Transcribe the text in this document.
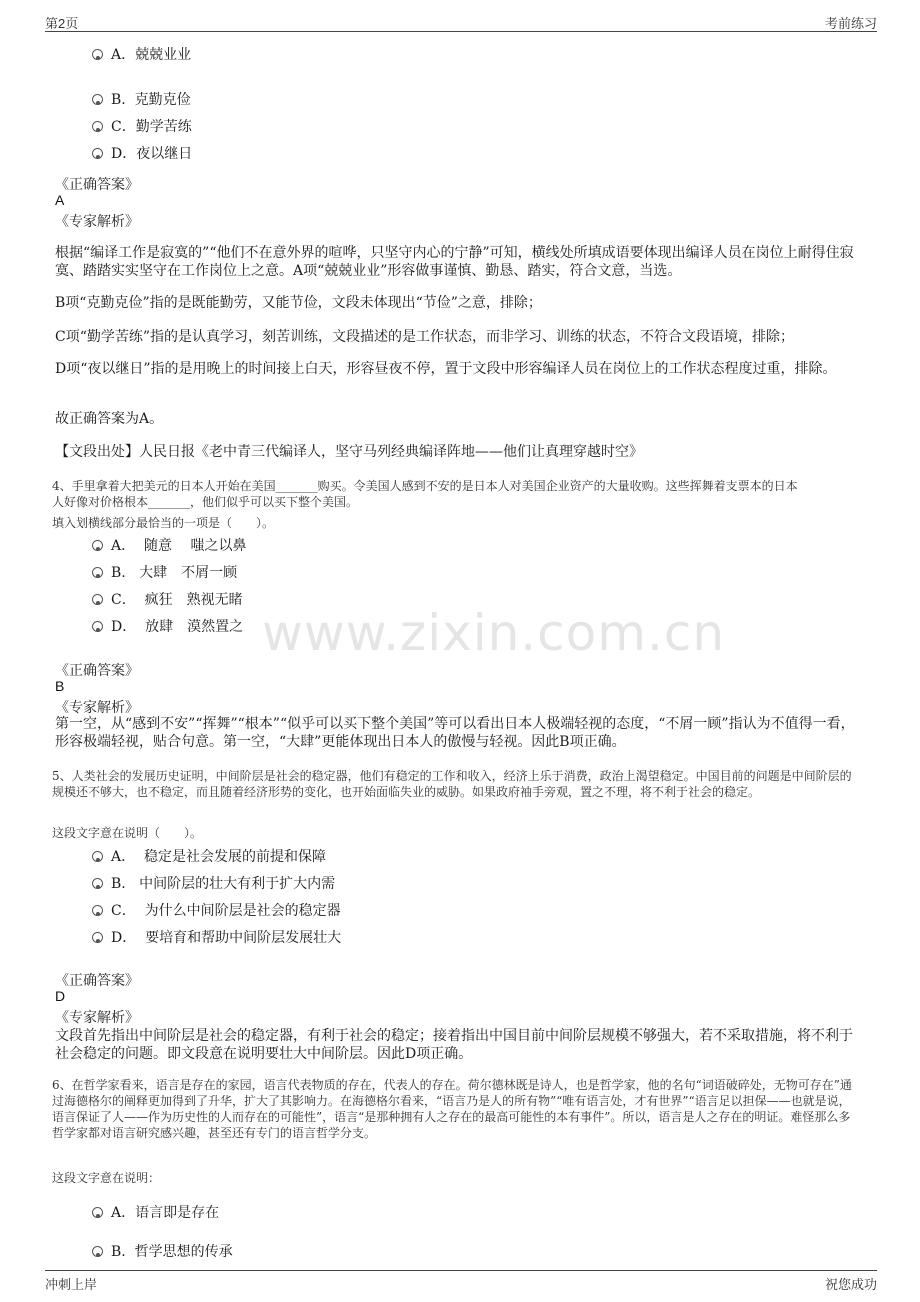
第2页	考前练习
www.zixin.com.cn
A．兢兢业业
B. 克勤克俭
C．勤学苦练
D．夜以继日
《正确答案》
A
《专家解析》
根据“编译工作是寂寞的”“他们不在意外界的喧哗，只坚守内心的宁静”可知，横线处所填成语要体现出编译人员在岗位上耐得住寂寞、踏踏实实坚守在工作岗位上之意。A项“兢兢业业”形容做事谨慎、勤恳、踏实，符合文意，当选。
B项“克勤克俭”指的是既能勤劳，又能节俭，文段未体现出“节俭”之意，排除；
C项“勤学苦练”指的是认真学习，刻苦训练，文段描述的是工作状态，而非学习、训练的状态，不符合文段语境，排除；
D项“夜以继日”指的是用晚上的时间接上白天，形容昼夜不停，置于文段中形容编译人员在岗位上的工作状态程度过重，排除。
故正确答案为A。
【文段出处】人民日报《老中青三代编译人，坚守马列经典编译阵地——他们让真理穿越时空》
4、手里拿着大把美元的日本人开始在美国_______购买。令美国人感到不安的是日本人对美国企业资产的大量收购。这些挥舞着支票本的日本
人好像对价格根本_______，他们似乎可以买下整个美国。
填入划横线部分最恰当的一项是（　　）。
A． 随意　 嗤之以鼻
B. 大肆　不屑一顾
C． 疯狂　熟视无睹
D． 放肆　漠然置之
《正确答案》
B
《专家解析》
第一空，从“感到不安”“挥舞”“根本”“似乎可以买下整个美国”等可以看出日本人极端轻视的态度，“不屑一顾”指认为不值得一看，形容极端轻视，贴合句意。第一空，“大肆”更能体现出日本人的傲慢与轻视。因此B项正确。
5、人类社会的发展历史证明，中间阶层是社会的稳定器，他们有稳定的工作和收入，经济上乐于消费，政治上渴望稳定。中国目前的问题是中间阶层的规模还不够大，也不稳定，而且随着经济形势的变化，也开始面临失业的威胁。如果政府袖手旁观，置之不理，将不利于社会的稳定。
这段文字意在说明（　　）。
A． 稳定是社会发展的前提和保障
B. 中间阶层的壮大有利于扩大内需
C． 为什么中间阶层是社会的稳定器
D． 要培育和帮助中间阶层发展壮大
《正确答案》
D
《专家解析》
文段首先指出中间阶层是社会的稳定器，有利于社会的稳定；接着指出中国目前中间阶层规模不够强大，若不采取措施，将不利于社会稳定的问题。即文段意在说明要壮大中间阶层。因此D项正确。
6、在哲学家看来，语言是存在的家园，语言代表物质的存在，代表人的存在。荷尔德林既是诗人，也是哲学家，他的名句“词语破碎处，无物可存在”通过海德格尔的阐释更加得到了升华，扩大了其影响力。在海德格尔看来，“语言乃是人的所有物”“唯有语言处，才有世界”“语言足以担保——也就是说，语言保证了人——作为历史性的人而存在的可能性”，语言“是那种拥有人之存在的最高可能性的本有事件”。所以，语言是人之存在的明证。难怪那么多哲学家都对语言研究感兴趣，甚至还有专门的语言哲学分支。
这段文字意在说明：
A．语言即是存在
B. 哲学思想的传承
冲刺上岸	祝您成功
